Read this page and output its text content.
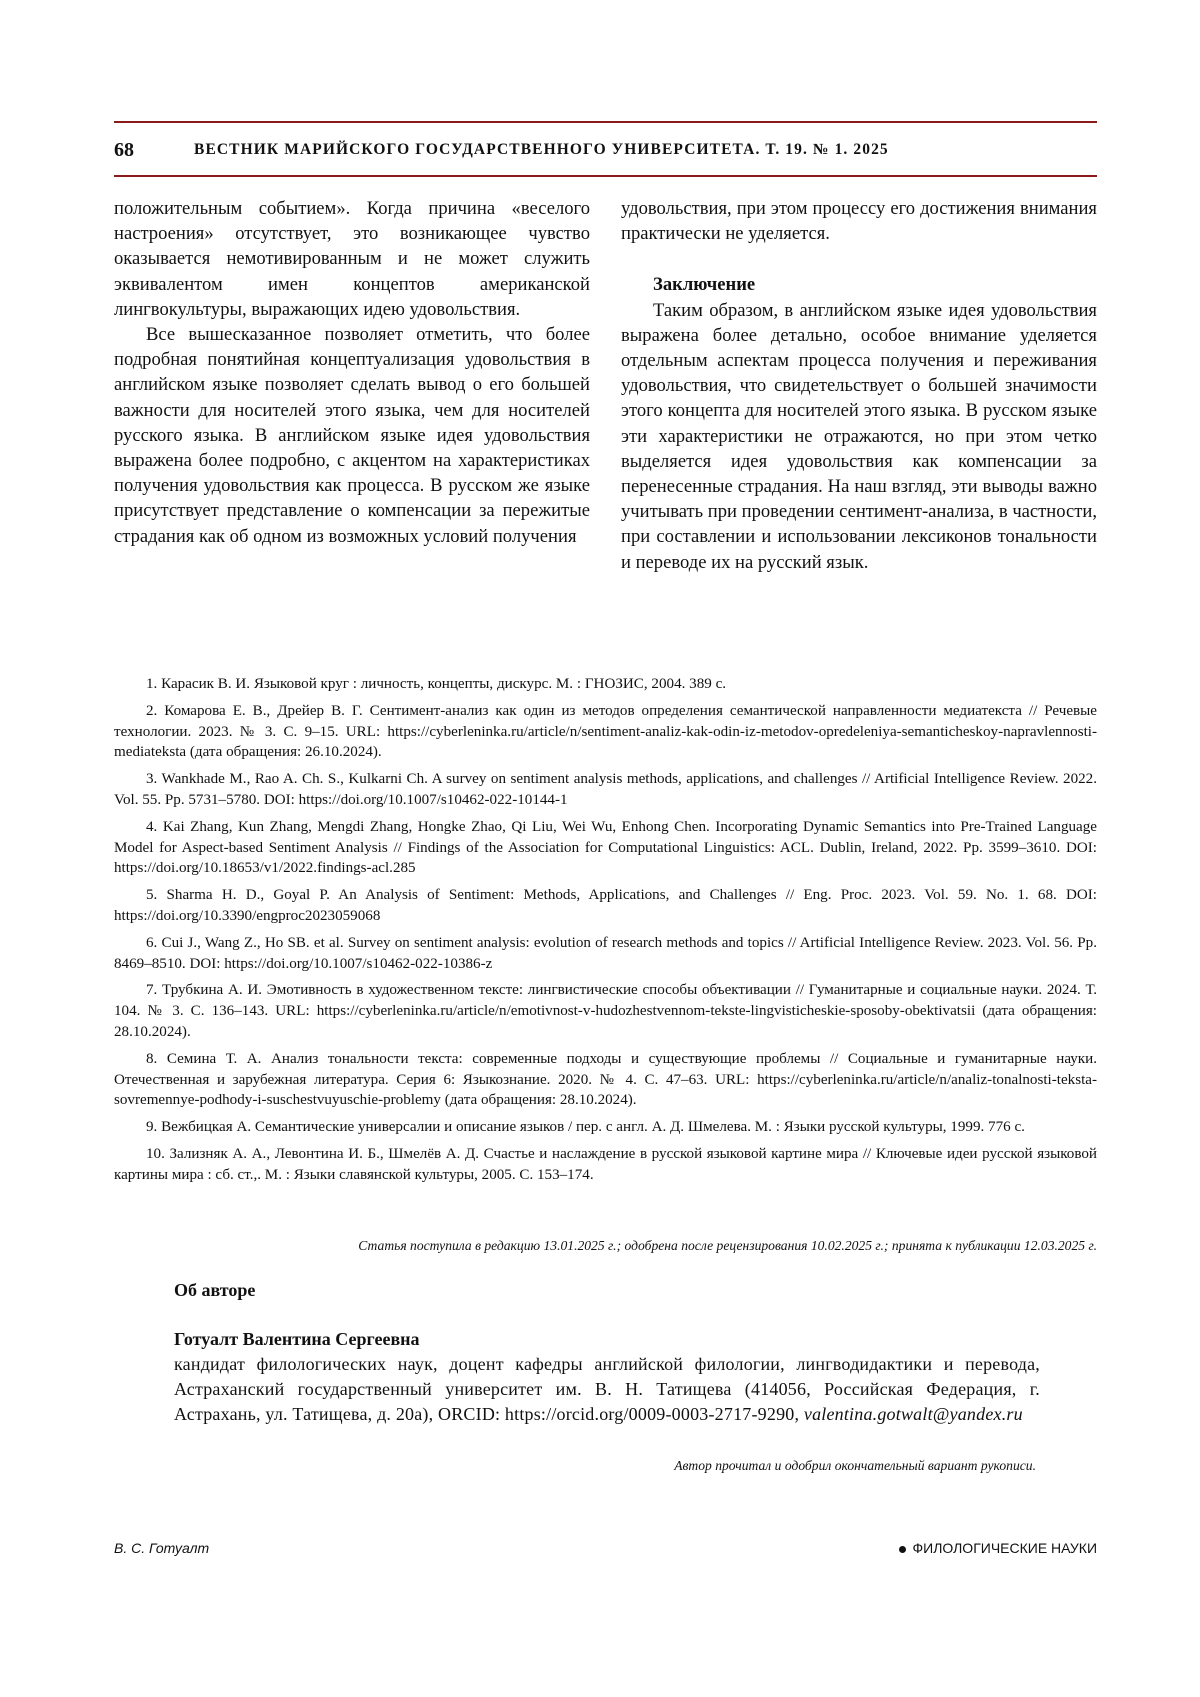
68	ВЕСТНИК МАРИЙСКОГО ГОСУДАРСТВЕННОГО УНИВЕРСИТЕТА. Т. 19. № 1. 2025

положительным событием». Когда причина «веселого настроения» отсутствует, это возникающее чувство оказывается немотивированным и не может служить эквивалентом имен концептов американской лингвокультуры, выражающих идею удовольствия.

Все вышесказанное позволяет отметить, что более подробная понятийная концептуализация удовольствия в английском языке позволяет сделать вывод о его большей важности для носителей этого языка, чем для носителей русского языка. В английском языке идея удовольствия выражена более подробно, с акцентом на характеристиках получения удовольствия как процесса. В русском же языке присутствует представление о компенсации за пережитые страдания как об одном из возможных условий получения

удовольствия, при этом процессу его достижения внимания практически не уделяется.

Заключение

Таким образом, в английском языке идея удовольствия выражена более детально, особое внимание уделяется отдельным аспектам процесса получения и переживания удовольствия, что свидетельствует о большей значимости этого концепта для носителей этого языка. В русском языке эти характеристики не отражаются, но при этом четко выделяется идея удовольствия как компенсации за перенесенные страдания. На наш взгляд, эти выводы важно учитывать при проведении сентимент-анализа, в частности, при составлении и использовании лексиконов тональности и переводе их на русский язык.

1. Карасик В. И. Языковой круг : личность, концепты, дискурс. М. : ГНОЗИС, 2004. 389 с.

2. Комарова Е. В., Дрейер В. Г. Сентимент-анализ как один из методов определения семантической направленности медиатекста // Речевые технологии. 2023. № 3. С. 9–15. URL: https://cyberleninka.ru/article/n/sentiment-analiz-kak-odin-iz-metodov-opredeleniya-semanticheskoy-napravlennosti-mediateksta (дата обращения: 26.10.2024).

3. Wankhade M., Rao A. Ch. S., Kulkarni Ch. A survey on sentiment analysis methods, applications, and challenges // Artificial Intelligence Review. 2022. Vol. 55. Pp. 5731–5780. DOI: https://doi.org/10.1007/s10462-022-10144-1

4. Kai Zhang, Kun Zhang, Mengdi Zhang, Hongke Zhao, Qi Liu, Wei Wu, Enhong Chen. Incorporating Dynamic Semantics into Pre-Trained Language Model for Aspect-based Sentiment Analysis // Findings of the Association for Computational Linguistics: ACL. Dublin, Ireland, 2022. Pp. 3599–3610. DOI: https://doi.org/10.18653/v1/2022.findings-acl.285

5. Sharma H. D., Goyal P. An Analysis of Sentiment: Methods, Applications, and Challenges // Eng. Proc. 2023. Vol. 59. No. 1. 68. DOI: https://doi.org/10.3390/engproc2023059068

6. Cui J., Wang Z., Ho SB. et al. Survey on sentiment analysis: evolution of research methods and topics // Artificial Intelligence Review. 2023. Vol. 56. Pp. 8469–8510. DOI: https://doi.org/10.1007/s10462-022-10386-z

7. Трубкина А. И. Эмотивность в художественном тексте: лингвистические способы объективации // Гуманитарные и социальные науки. 2024. Т. 104. № 3. С. 136–143. URL: https://cyberleninka.ru/article/n/emotivnost-v-hudozhestvennom-tekste-lingvisticheskie-sposoby-obektivatsii (дата обращения: 28.10.2024).

8. Семина Т. А. Анализ тональности текста: современные подходы и существующие проблемы // Социальные и гуманитарные науки. Отечественная и зарубежная литература. Серия 6: Языкознание. 2020. № 4. С. 47–63. URL: https://cyberleninka.ru/article/n/analiz-tonalnosti-teksta-sovremennye-podhody-i-suschestvuyuschie-problemy (дата обращения: 28.10.2024).

9. Вежбицкая А. Семантические универсалии и описание языков / пер. с англ. А. Д. Шмелева. М. : Языки русской культуры, 1999. 776 с.

10. Зализняк А. А., Левонтина И. Б., Шмелёв А. Д. Счастье и наслаждение в русской языковой картине мира // Ключевые идеи русской языковой картины мира : сб. ст.,. М. : Языки славянской культуры, 2005. С. 153–174.

Статья поступила в редакцию 13.01.2025 г.; одобрена после рецензирования 10.02.2025 г.; принята к публикации 12.03.2025 г.

Об авторе

Готуалт Валентина Сергеевна

кандидат филологических наук, доцент кафедры английской филологии, лингводидактики и перевода, Астраханский государственный университет им. В. Н. Татищева (414056, Российская Федерация, г. Астрахань, ул. Татищева, д. 20а), ORCID: https://orcid.org/0009-0003-2717-9290, valentina.gotwalt@yandex.ru

Автор прочитал и одобрил окончательный вариант рукописи.
В. С. Готуалт	ФИЛОЛОГИЧЕСКИЕ НАУКИ
